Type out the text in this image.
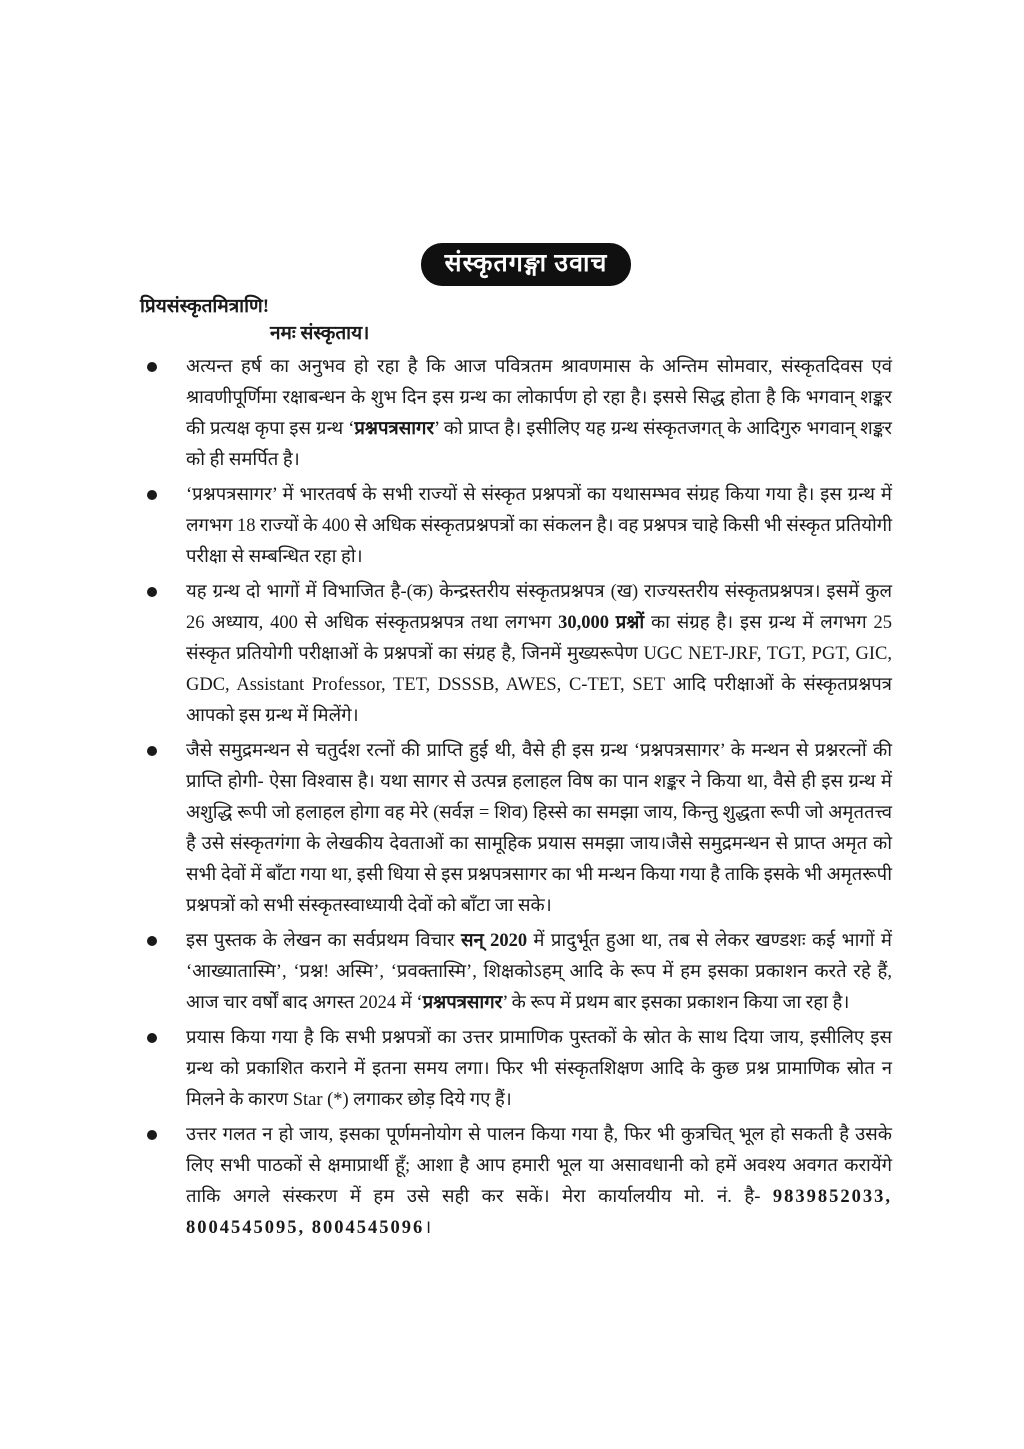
संस्कृतगङ्गा उवाच
प्रियसंस्कृतमित्राणि!
नमः संस्कृताय।
अत्यन्त हर्ष का अनुभव हो रहा है कि आज पवित्रतम श्रावणमास के अन्तिम सोमवार, संस्कृतदिवस एवं श्रावणीपूर्णिमा रक्षाबन्धन के शुभ दिन इस ग्रन्थ का लोकार्पण हो रहा है। इससे सिद्ध होता है कि भगवान् शङ्कर की प्रत्यक्ष कृपा इस ग्रन्थ ‘प्रश्नपत्रसागर’ को प्राप्त है। इसीलिए यह ग्रन्थ संस्कृतजगत् के आदिगुरु भगवान् शङ्कर को ही समर्पित है।
‘प्रश्नपत्रसागर’ में भारतवर्ष के सभी राज्यों से संस्कृत प्रश्नपत्रों का यथासम्भव संग्रह किया गया है। इस ग्रन्थ में लगभग 18 राज्यों के 400 से अधिक संस्कृतप्रश्नपत्रों का संकलन है। वह प्रश्नपत्र चाहे किसी भी संस्कृत प्रतियोगी परीक्षा से सम्बन्धित रहा हो।
यह ग्रन्थ दो भागों में विभाजित है-(क) केन्द्रस्तरीय संस्कृतप्रश्नपत्र (ख) राज्यस्तरीय संस्कृतप्रश्नपत्र। इसमें कुल 26 अध्याय, 400 से अधिक संस्कृतप्रश्नपत्र तथा लगभग 30,000 प्रश्नों का संग्रह है। इस ग्रन्थ में लगभग 25 संस्कृत प्रतियोगी परीक्षाओं के प्रश्नपत्रों का संग्रह है, जिनमें मुख्यरूपेण UGC NET-JRF, TGT, PGT, GIC, GDC, Assistant Professor, TET, DSSSB, AWES, C-TET, SET आदि परीक्षाओं के संस्कृतप्रश्नपत्र आपको इस ग्रन्थ में मिलेंगे।
जैसे समुद्रमन्थन से चतुर्दश रत्नों की प्राप्ति हुई थी, वैसे ही इस ग्रन्थ ‘प्रश्नपत्रसागर’ के मन्थन से प्रश्नरत्नों की प्राप्ति होगी- ऐसा विश्वास है। यथा सागर से उत्पन्न हलाहल विष का पान शङ्कर ने किया था, वैसे ही इस ग्रन्थ में अशुद्धि रूपी जो हलाहल होगा वह मेरे (सर्वज्ञ = शिव) हिस्से का समझा जाय, किन्तु शुद्धता रूपी जो अमृततत्त्व है उसे संस्कृतगंगा के लेखकीय देवताओं का सामूहिक प्रयास समझा जाय।जैसे समुद्रमन्थन से प्राप्त अमृत को सभी देवों में बाँटा गया था, इसी धिया से इस प्रश्नपत्रसागर का भी मन्थन किया गया है ताकि इसके भी अमृतरूपी प्रश्नपत्रों को सभी संस्कृतस्वाध्यायी देवों को बाँटा जा सके।
इस पुस्तक के लेखन का सर्वप्रथम विचार सन् 2020 में प्रादुर्भूत हुआ था, तब से लेकर खण्डशः कई भागों में ‘आख्यातास्मि’, ‘प्रश्न! अस्मि’, ‘प्रवक्तास्मि’, शिक्षकोऽहम् आदि के रूप में हम इसका प्रकाशन करते रहे हैं, आज चार वर्षों बाद अगस्त 2024 में ‘प्रश्नपत्रसागर’ के रूप में प्रथम बार इसका प्रकाशन किया जा रहा है।
प्रयास किया गया है कि सभी प्रश्नपत्रों का उत्तर प्रामाणिक पुस्तकों के स्रोत के साथ दिया जाय, इसीलिए इस ग्रन्थ को प्रकाशित कराने में इतना समय लगा। फिर भी संस्कृतशिक्षण आदि के कुछ प्रश्न प्रामाणिक स्रोत न मिलने के कारण Star (*) लगाकर छोड़ दिये गए हैं।
उत्तर गलत न हो जाय, इसका पूर्णमनोयोग से पालन किया गया है, फिर भी कुत्रचित् भूल हो सकती है उसके लिए सभी पाठकों से क्षमाप्रार्थी हूँ; आशा है आप हमारी भूल या असावधानी को हमें अवश्य अवगत करायेंगे ताकि अगले संस्करण में हम उसे सही कर सकें। मेरा कार्यालयीय मो. नं. है- 9839852033, 8004545095, 8004545096।
